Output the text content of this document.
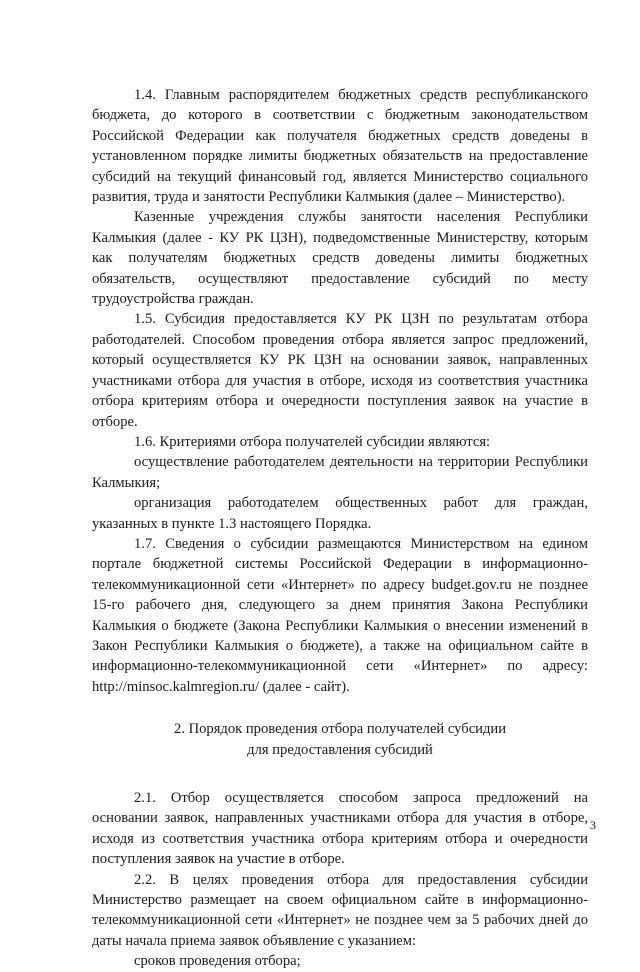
1.4. Главным распорядителем бюджетных средств республиканского бюджета, до которого в соответствии с бюджетным законодательством Российской Федерации как получателя бюджетных средств доведены в установленном порядке лимиты бюджетных обязательств на предоставление субсидий на текущий финансовый год, является Министерство социального развития, труда и занятости Республики Калмыкия (далее – Министерство).

Казенные учреждения службы занятости населения Республики Калмыкия (далее - КУ РК ЦЗН), подведомственные Министерству, которым как получателям бюджетных средств доведены лимиты бюджетных обязательств, осуществляют предоставление субсидий по месту трудоустройства граждан.

1.5. Субсидия предоставляется КУ РК ЦЗН по результатам отбора работодателей. Способом проведения отбора является запрос предложений, который осуществляется КУ РК ЦЗН на основании заявок, направленных участниками отбора для участия в отборе, исходя из соответствия участника отбора критериям отбора и очередности поступления заявок на участие в отборе.

1.6. Критериями отбора получателей субсидии являются:

осуществление работодателем деятельности на территории Республики Калмыкия;

организация работодателем общественных работ для граждан, указанных в пункте 1.3 настоящего Порядка.

1.7. Сведения о субсидии размещаются Министерством на едином портале бюджетной системы Российской Федерации в информационно-телекоммуникационной сети «Интернет» по адресу budget.gov.ru не позднее 15-го рабочего дня, следующего за днем принятия Закона Республики Калмыкия о бюджете (Закона Республики Калмыкия о внесении изменений в Закон Республики Калмыкия о бюджете), а также на официальном сайте в информационно-телекоммуникационной сети «Интернет» по адресу: http://minsoc.kalmregion.ru/ (далее - сайт).

2. Порядок проведения отбора получателей субсидии
для предоставления субсидий

2.1. Отбор осуществляется способом запроса предложений на основании заявок, направленных участниками отбора для участия в отборе, исходя из соответствия участника отбора критериям отбора и очередности поступления заявок на участие в отборе.

2.2. В целях проведения отбора для предоставления субсидии Министерство размещает на своем официальном сайте в информационно-телекоммуникационной сети «Интернет» не позднее чем за 5 рабочих дней до даты начала приема заявок объявление с указанием:

сроков проведения отбора;

3
